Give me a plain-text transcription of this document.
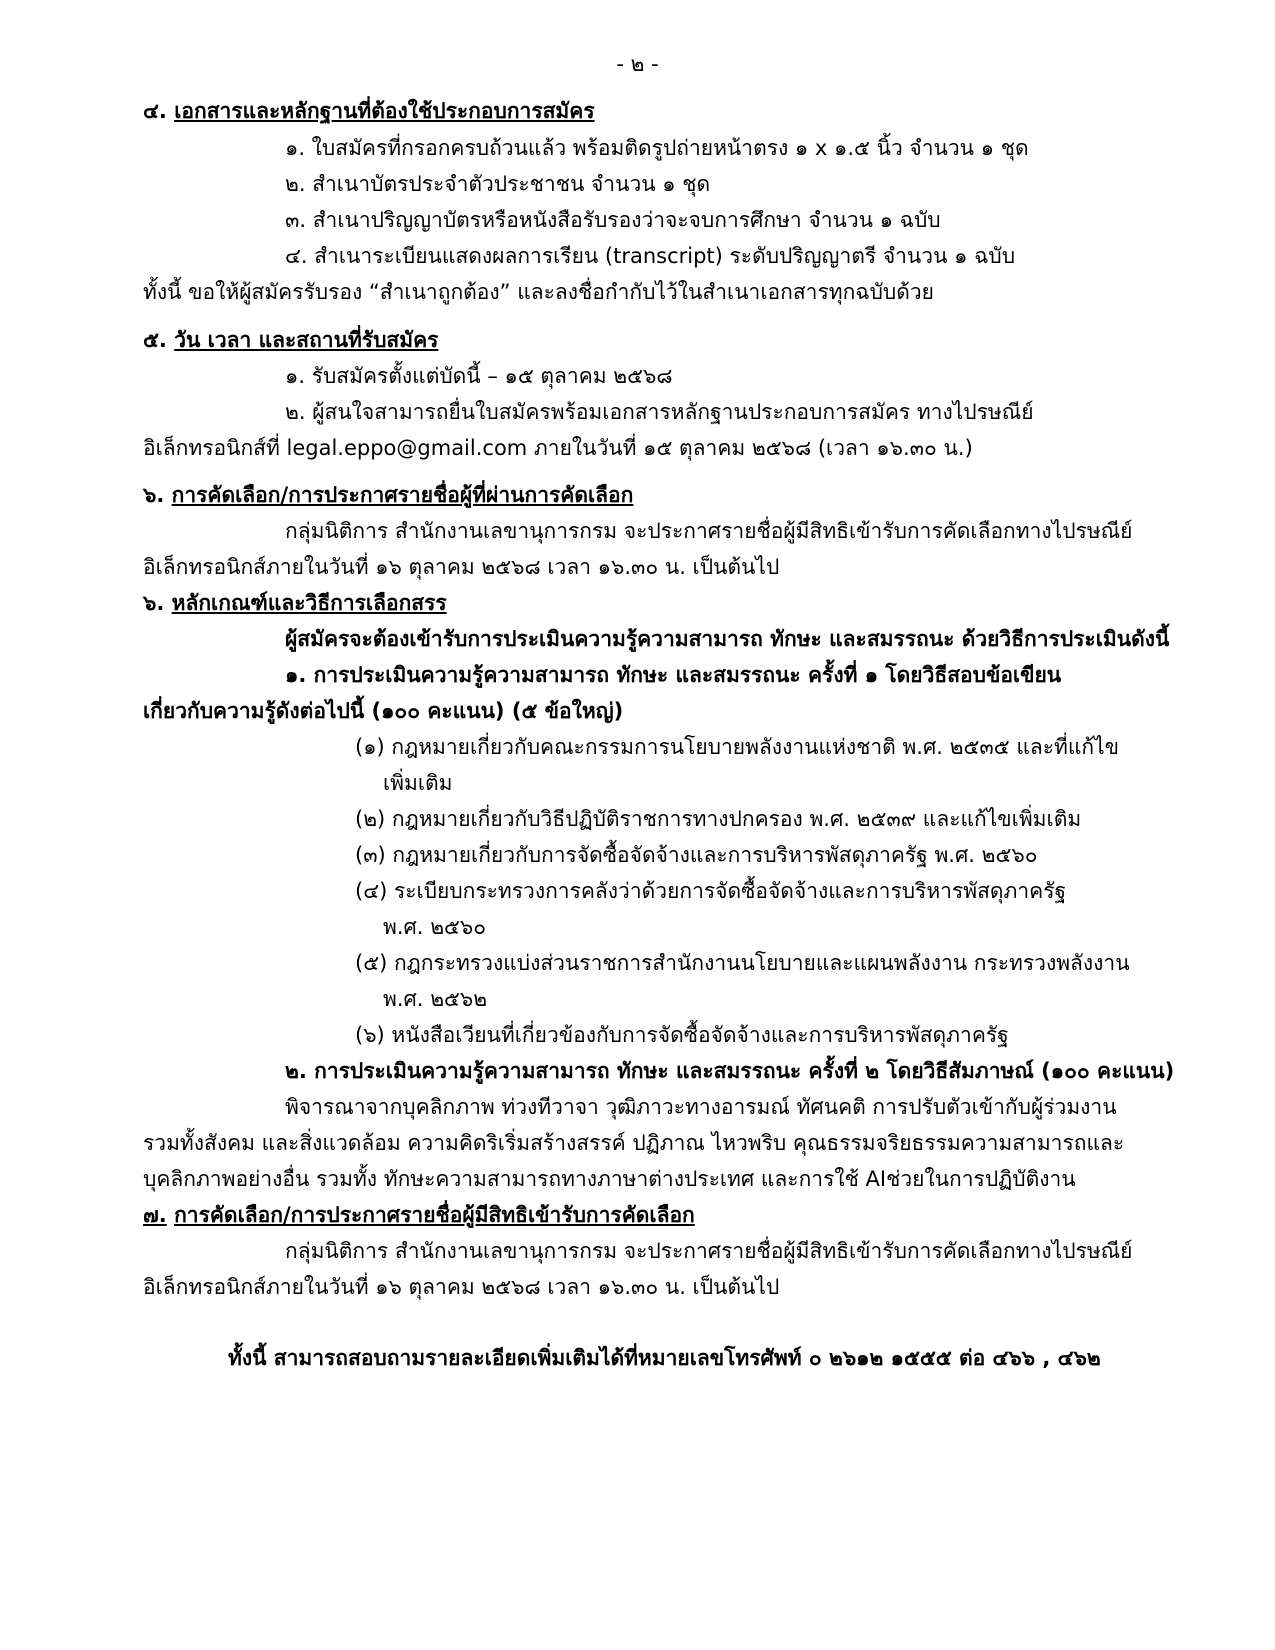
- ๒ -
๔. เอกสารและหลักฐานที่ต้องใช้ประกอบการสมัคร
๑. ใบสมัครที่กรอกครบถ้วนแล้ว พร้อมติดรูปถ่ายหน้าตรง ๑ x ๑.๕ นิ้ว จำนวน ๑ ชุด
๒. สำเนาบัตรประจำตัวประชาชน จำนวน ๑ ชุด
๓. สำเนาปริญญาบัตรหรือหนังสือรับรองว่าจะจบการศึกษา จำนวน ๑ ฉบับ
๔. สำเนาระเบียนแสดงผลการเรียน (transcript) ระดับปริญญาตรี จำนวน ๑ ฉบับ
ทั้งนี้ ขอให้ผู้สมัครรับรอง “สำเนาถูกต้อง” และลงชื่อกำกับไว้ในสำเนาเอกสารทุกฉบับด้วย
๕. วัน เวลา และสถานที่รับสมัคร
๑. รับสมัครตั้งแต่บัดนี้ – ๑๕ ตุลาคม ๒๕๖๘
๒. ผู้สนใจสามารถยื่นใบสมัครพร้อมเอกสารหลักฐานประกอบการสมัคร ทางไปรษณีย์
อิเล็กทรอนิกส์ที่ legal.eppo@gmail.com ภายในวันที่ ๑๕ ตุลาคม ๒๕๖๘ (เวลา ๑๖.๓๐ น.)
๖. การคัดเลือก/การประกาศรายชื่อผู้ที่ผ่านการคัดเลือก
กลุ่มนิติการ สำนักงานเลขานุการกรม จะประกาศรายชื่อผู้มีสิทธิเข้ารับการคัดเลือกทางไปรษณีย์
อิเล็กทรอนิกส์ภายในวันที่ ๑๖ ตุลาคม ๒๕๖๘ เวลา ๑๖.๓๐ น. เป็นต้นไป
๖. หลักเกณฑ์และวิธีการเลือกสรร
ผู้สมัครจะต้องเข้ารับการประเมินความรู้ความสามารถ ทักษะ และสมรรถนะ ด้วยวิธีการประเมินดังนี้
๑. การประเมินความรู้ความสามารถ ทักษะ และสมรรถนะ ครั้งที่ ๑ โดยวิธีสอบข้อเขียน
เกี่ยวกับความรู้ดังต่อไปนี้ (๑๐๐ คะแนน) (๕ ข้อใหญ่)
(๑) กฎหมายเกี่ยวกับคณะกรรมการนโยบายพลังงานแห่งชาติ พ.ศ. ๒๕๓๕ และที่แก้ไข
เพิ่มเติม
(๒) กฎหมายเกี่ยวกับวิธีปฏิบัติราชการทางปกครอง พ.ศ. ๒๕๓๙ และแก้ไขเพิ่มเติม
(๓) กฎหมายเกี่ยวกับการจัดซื้อจัดจ้างและการบริหารพัสดุภาครัฐ พ.ศ. ๒๕๖๐
(๔) ระเบียบกระทรวงการคลังว่าด้วยการจัดซื้อจัดจ้างและการบริหารพัสดุภาครัฐ
พ.ศ. ๒๕๖๐
(๕) กฎกระทรวงแบ่งส่วนราชการสำนักงานนโยบายและแผนพลังงาน กระทรวงพลังงาน
พ.ศ. ๒๕๖๒
(๖) หนังสือเวียนที่เกี่ยวข้องกับการจัดซื้อจัดจ้างและการบริหารพัสดุภาครัฐ
๒. การประเมินความรู้ความสามารถ ทักษะ และสมรรถนะ ครั้งที่ ๒ โดยวิธีสัมภาษณ์ (๑๐๐ คะแนน)
พิจารณาจากบุคลิกภาพ ท่วงทีวาจา วุฒิภาวะทางอารมณ์ ทัศนคติ การปรับตัวเข้ากับผู้ร่วมงาน
รวมทั้งสังคม และสิ่งแวดล้อม ความคิดริเริ่มสร้างสรรค์ ปฏิภาณ ไหวพริบ คุณธรรมจริยธรรมความสามารถและ
บุคลิกภาพอย่างอื่น รวมทั้ง ทักษะความสามารถทางภาษาต่างประเทศ และการใช้ AIช่วยในการปฏิบัติงาน
๗. การคัดเลือก/การประกาศรายชื่อผู้มีสิทธิเข้ารับการคัดเลือก
กลุ่มนิติการ สำนักงานเลขานุการกรม จะประกาศรายชื่อผู้มีสิทธิเข้ารับการคัดเลือกทางไปรษณีย์
อิเล็กทรอนิกส์ภายในวันที่ ๑๖ ตุลาคม ๒๕๖๘ เวลา ๑๖.๓๐ น. เป็นต้นไป
ทั้งนี้ สามารถสอบถามรายละเอียดเพิ่มเติมได้ที่หมายเลขโทรศัพท์ ๐ ๒๖๑๒ ๑๕๕๕ ต่อ ๔๖๖ , ๔๖๒
